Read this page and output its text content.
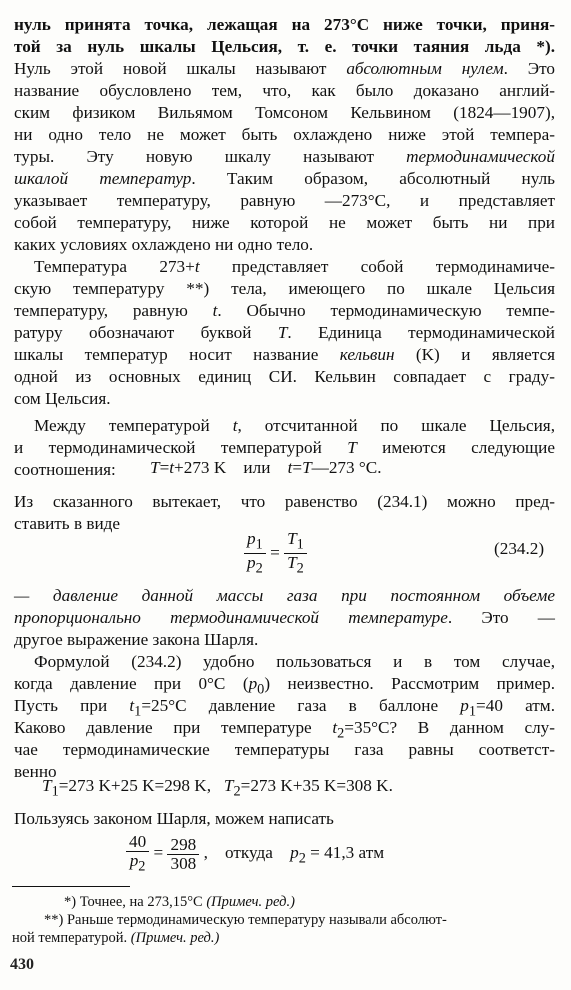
нуль принята точка, лежащая на 273°C ниже точки, приня-
той за нуль шкалы Цельсия, т. е. точки таяния льда *).
Нуль этой новой шкалы называют абсолютным нулем. Это
название обусловлено тем, что, как было доказано англий-
ским физиком Вильямом Томсоном Кельвином (1824—1907),
ни одно тело не может быть охлаждено ниже этой темпера-
туры. Эту новую шкалу называют термодинамической
шкалой температур. Таким образом, абсолютный нуль
указывает температуру, равную —273°C, и представляет
собой температуру, ниже которой не может быть ни при
каких условиях охлаждено ни одно тело.
Температура 273+t представляет собой термодинамиче-
скую температуру **) тела, имеющего по шкале Цельсия
температуру, равную t. Обычно термодинамическую темпе-
ратуру обозначают буквой T. Единица термодинамической
шкалы температур носит название кельвин (K) и является
одной из основных единиц СИ. Кельвин совпадает с граду-
сом Цельсия.
Между температурой t, отсчитанной по шкале Цельсия,
и термодинамической температурой T имеются следующие
соотношения:	T=t+273 K или t=T—273 °C.
Из сказанного вытекает, что равенство (234.1) можно пред-
ставить в виде
$\frac{p_1}{p_2} = \frac{T_1}{T_2}$	(234.2)
— давление данной массы газа при постоянном объеме
пропорционально термодинамической температуре. Это —
другое выражение закона Шарля.
Формулой (234.2) удобно пользоваться и в том случае,
когда давление при 0°C $(p_0)$ неизвестно. Рассмотрим пример.
Пусть при $t_1=25^\circ C$ давление газа в баллоне $p_1=40$ атм.
Каково давление при температуре $t_2=35^\circ C$? В данном слу-
чае термодинамические температуры газа равны соответст-
венно
$T_1=273$ K+25 K=298 K, $T_2=273$ K+35 K=308 K.
Пользуясь законом Шарля, можем написать
$\frac{40}{p_2} = \frac{298}{308}$ ,    откуда $p_2 = 41,3$ атм
*) Точнее, на 273,15°C (Примеч. ред.)
**) Раньше термодинамическую температуру называли абсолют-
ной температурой. (Примеч. ред.)
430
